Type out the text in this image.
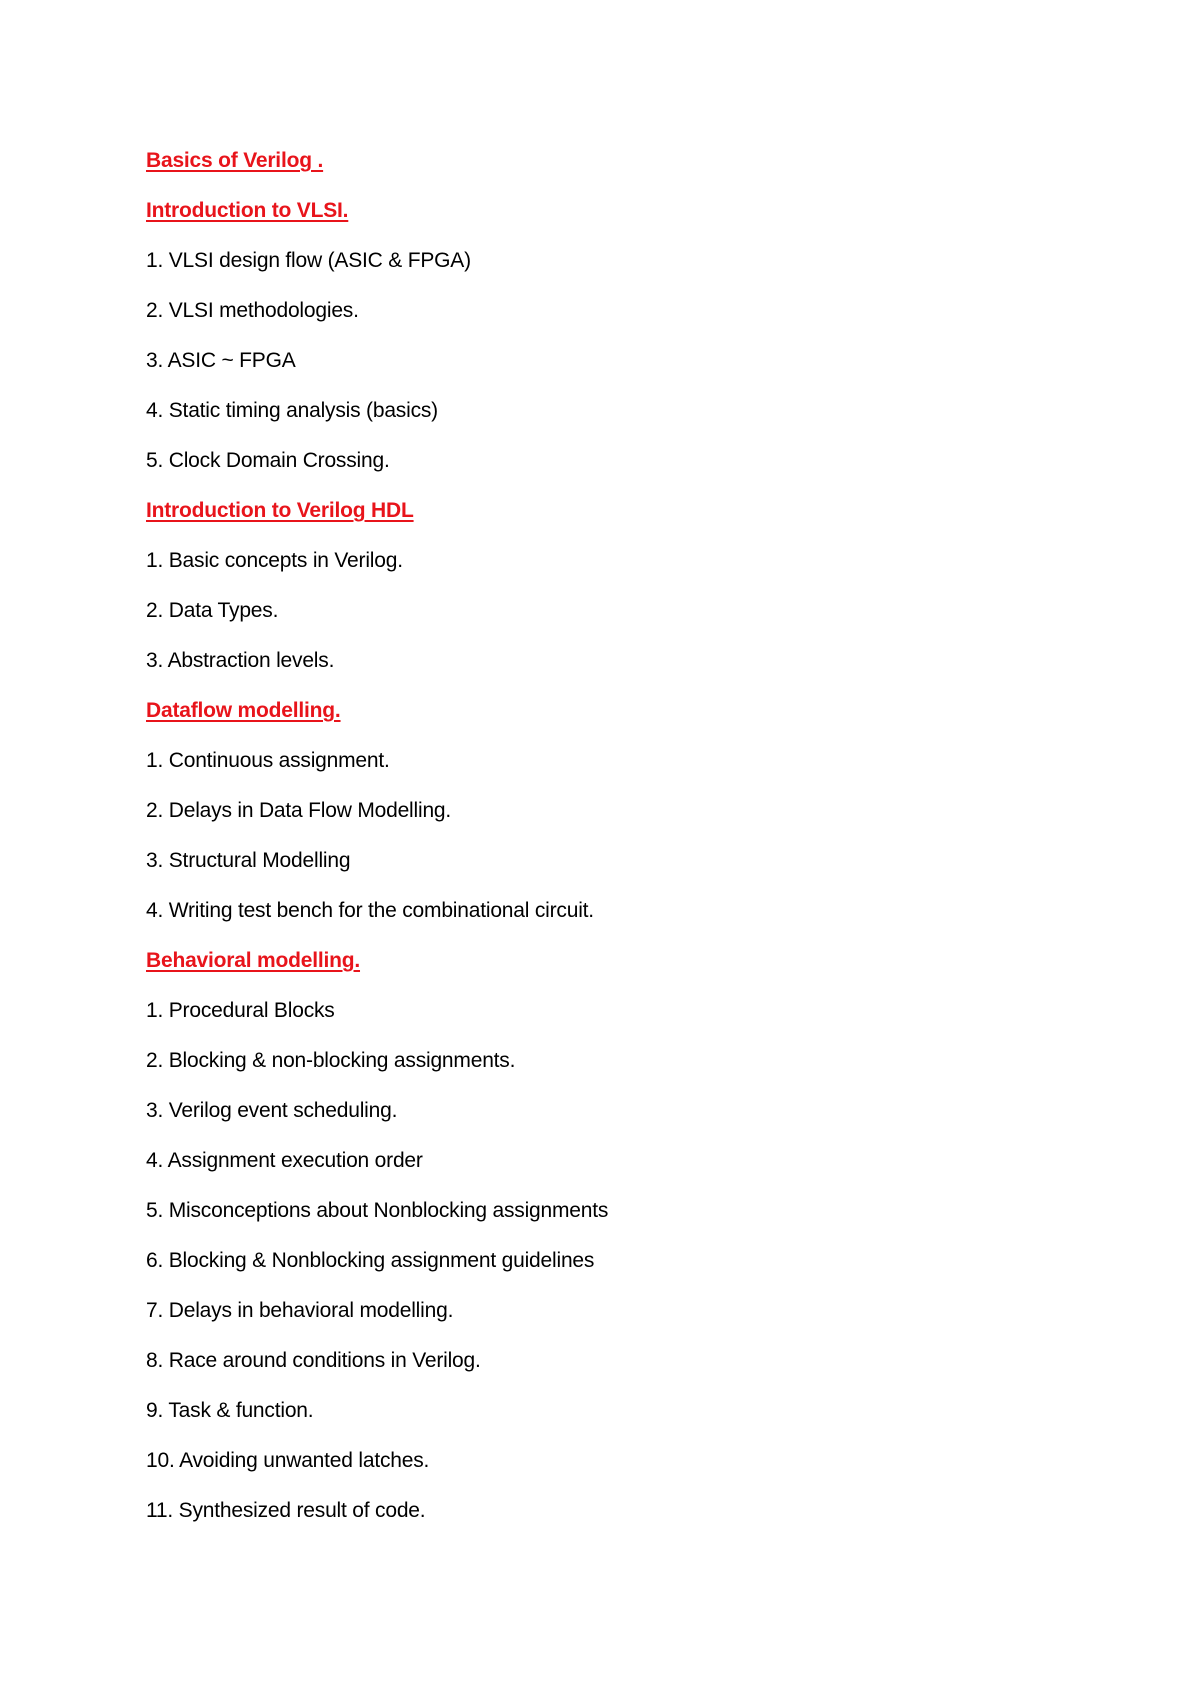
Basics of Verilog .
Introduction to VLSI.
1. VLSI design flow (ASIC & FPGA)
2. VLSI methodologies.
3. ASIC ~ FPGA
4. Static timing analysis (basics)
5. Clock Domain Crossing.
Introduction to Verilog HDL
1. Basic concepts in Verilog.
2. Data Types.
3. Abstraction levels.
Dataflow modelling.
1. Continuous assignment.
2. Delays in Data Flow Modelling.
3. Structural Modelling
4. Writing test bench for the combinational circuit.
Behavioral modelling.
1. Procedural Blocks
2. Blocking & non-blocking assignments.
3. Verilog event scheduling.
4. Assignment execution order
5. Misconceptions about Nonblocking assignments
6. Blocking & Nonblocking assignment guidelines
7. Delays in behavioral modelling.
8. Race around conditions in Verilog.
9. Task & function.
10. Avoiding unwanted latches.
11. Synthesized result of code.
